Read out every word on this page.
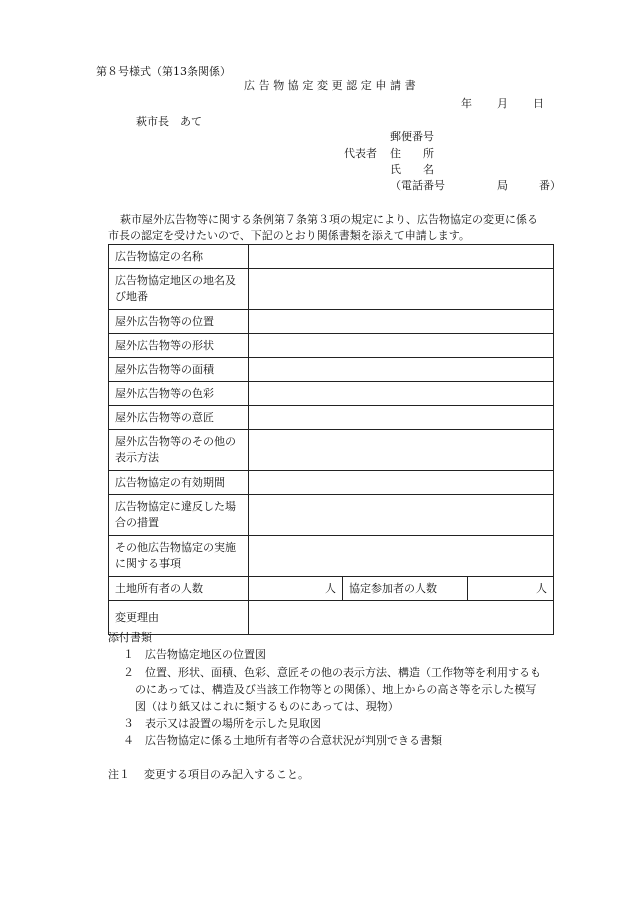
第８号様式（第13条関係）
広告物協定変更認定申請書
年 月 日
萩市長　あて
郵便番号
代表者 住　　所
氏　　名
（電話番号	局	番）
萩市屋外広告物等に関する条例第７条第３項の規定により、広告物協定の変更に係る
市長の認定を受けたいので、下記のとおり関係書類を添えて申請します。
広告物協定の名称			
広告物協定地区の地名及び地番			
屋外広告物等の位置			
屋外広告物等の形状			
屋外広告物等の面積			
屋外広告物等の色彩			
屋外広告物等の意匠			
屋外広告物等のその他の表示方法			
広告物協定の有効期間			
広告物協定に違反した場合の措置			
その他広告物協定の実施に関する事項			
土地所有者の人数	人	協定参加者の人数	人
変更理由			
添付書類
１ 広告物協定地区の位置図
２ 位置、形状、面積、色彩、意匠その他の表示方法、構造（工作物等を利用するも
のにあっては、構造及び当該工作物等との関係）、地上からの高さ等を示した模写
図（はり紙又はこれに類するものにあっては、現物）
３ 表示又は設置の場所を示した見取図
４ 広告物協定に係る土地所有者等の合意状況が判別できる書類
注１ 変更する項目のみ記入すること。
